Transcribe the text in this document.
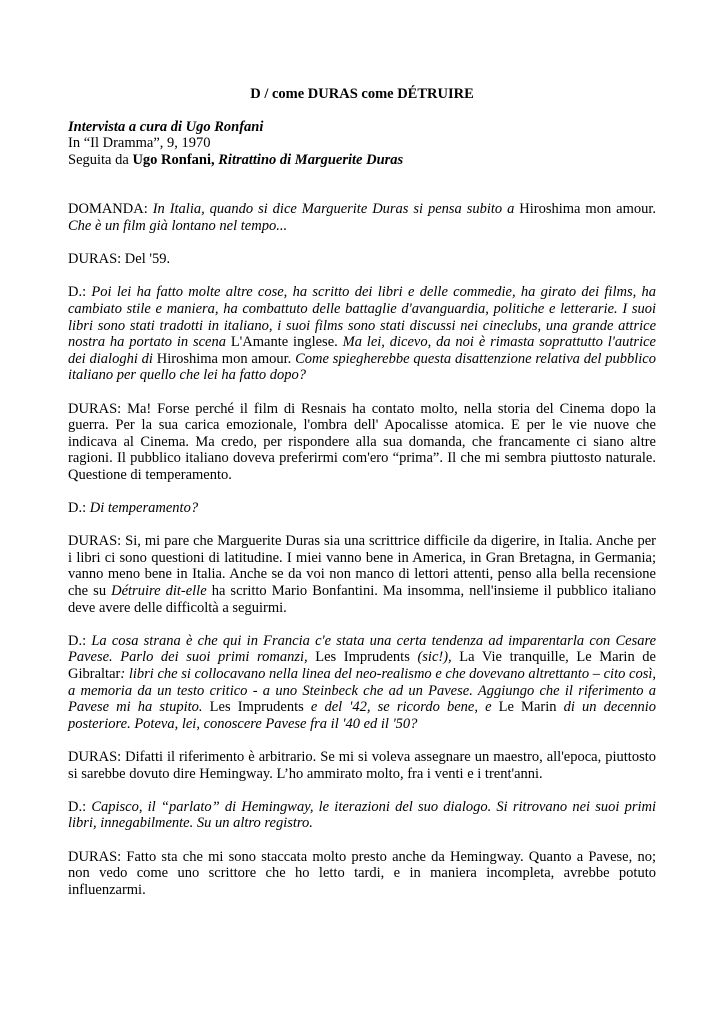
D / come DURAS come DÉTRUIRE

Intervista a cura di Ugo Ronfani

In “Il Dramma”, 9, 1970

Seguita da Ugo Ronfani, Ritrattino di Marguerite Duras

DOMANDA: In Italia, quando si dice Marguerite Duras si pensa subito a Hiroshima mon amour. Che è un film già lontano nel tempo...

DURAS: Del '59.

D.: Poi lei ha fatto molte altre cose, ha scritto dei libri e delle commedie, ha girato dei films, ha cambiato stile e maniera, ha combattuto delle battaglie d'avanguardia, politiche e letterarie. I suoi libri sono stati tradotti in italiano, i suoi films sono stati discussi nei cineclubs, una grande attrice nostra ha portato in scena L'Amante inglese. Ma lei, dicevo, da noi è rimasta soprattutto l'autrice dei dialoghi di Hiroshima mon amour. Come spiegherebbe questa disattenzione relativa del pubblico italiano per quello che lei ha fatto dopo?

DURAS: Ma! Forse perché il film di Resnais ha contato molto, nella storia del Cinema dopo la guerra. Per la sua carica emozionale, l'ombra dell' Apocalisse atomica. E per le vie nuove che indicava al Cinema. Ma credo, per rispondere alla sua domanda, che francamente ci siano altre ragioni. Il pubblico italiano doveva preferirmi com'ero “prima”. Il che mi sembra piuttosto naturale. Questione di temperamento.

D.: Di temperamento?

DURAS: Si, mi pare che Marguerite Duras sia una scrittrice difficile da digerire, in Italia. Anche per i libri ci sono questioni di latitudine. I miei vanno bene in America, in Gran Bretagna, in Germania; vanno meno bene in Italia. Anche se da voi non manco di lettori attenti, penso alla bella recensione che su Détruire dit-elle ha scritto Mario Bonfantini. Ma insomma, nell'insieme il pubblico italiano deve avere delle difficoltà a seguirmi.

D.: La cosa strana è che qui in Francia c'e stata una certa tendenza ad imparentarla con Cesare Pavese. Parlo dei suoi primi romanzi, Les Imprudents (sic!), La Vie tranquille, Le Marin de Gibraltar: libri che si collocavano nella linea del neo-realismo e che dovevano altrettanto – cito così, a memoria da un testo critico - a uno Steinbeck che ad un Pavese. Aggiungo che il riferimento a Pavese mi ha stupito. Les Imprudents e del '42, se ricordo bene, e Le Marin di un decennio posteriore. Poteva, lei, conoscere Pavese fra il '40 ed il '50?

DURAS: Difatti il riferimento è arbitrario. Se mi si voleva assegnare un maestro, all'epoca, piuttosto si sarebbe dovuto dire Hemingway. L’ho ammirato molto, fra i venti e i trent'anni.

D.: Capisco, il “parlato” di Hemingway, le iterazioni del suo dialogo. Si ritrovano nei suoi primi libri, innegabilmente. Su un altro registro.

DURAS: Fatto sta che mi sono staccata molto presto anche da Hemingway. Quanto a Pavese, no; non vedo come uno scrittore che ho letto tardi, e in maniera incompleta, avrebbe potuto influenzarmi.
